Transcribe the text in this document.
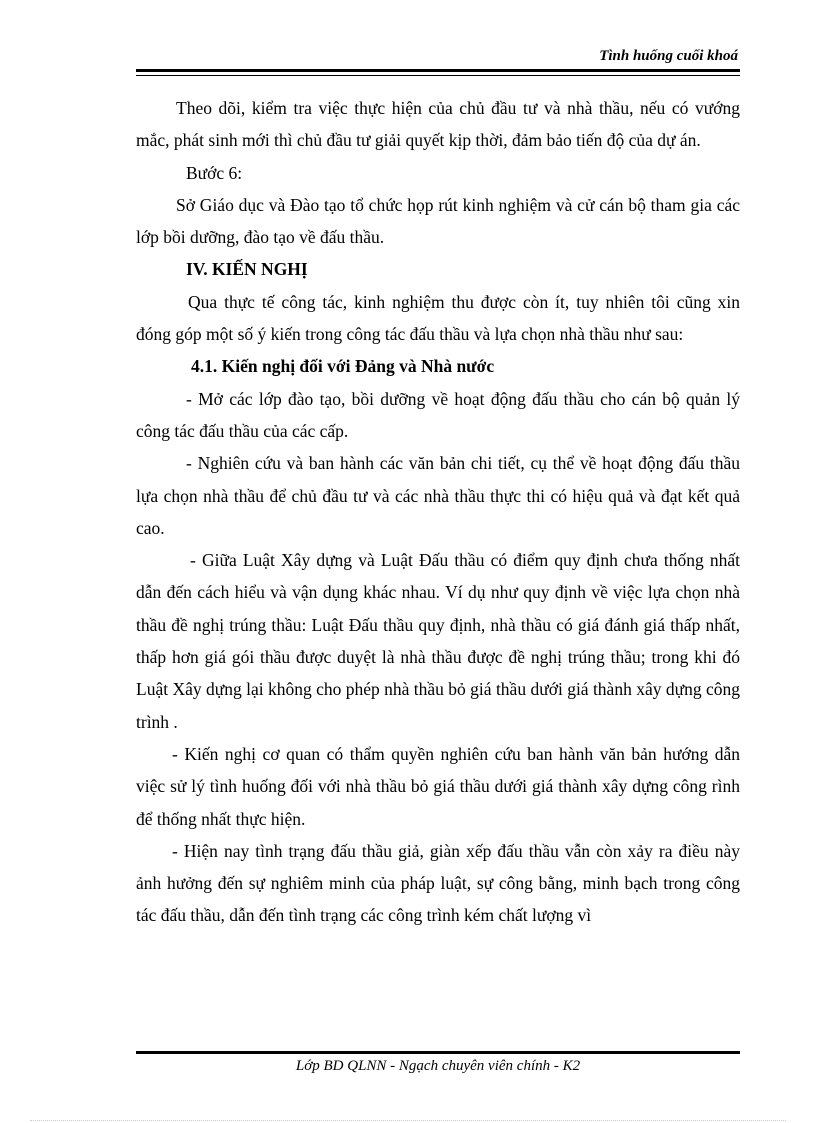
Tình huống cuối khoá

Theo dõi, kiểm tra việc thực hiện của chủ đầu tư và nhà thầu, nếu có vướng mắc, phát sinh mới thì chủ đầu tư giải quyết kịp thời, đảm bảo tiến độ của dự án.

Bước 6:

Sở Giáo dục và Đào tạo tổ chức họp rút kinh nghiệm và cử cán bộ tham gia các lớp bồi dưỡng, đào tạo về đấu thầu.

IV. KIẾN NGHỊ

Qua thực tế công tác, kinh nghiệm thu được còn ít, tuy nhiên tôi cũng xin đóng góp một số ý kiến trong công tác đấu thầu và lựa chọn nhà thầu như sau:

4.1. Kiến nghị đối với Đảng và Nhà nước

- Mở các lớp đào tạo, bồi dưỡng về hoạt động đấu thầu cho cán bộ quản lý công tác đấu thầu của các cấp.

- Nghiên cứu và ban hành các văn bản chi tiết, cụ thể về hoạt động đấu thầu lựa chọn nhà thầu để chủ đầu tư và các nhà thầu thực thi có hiệu quả và đạt kết quả cao.

- Giữa Luật Xây dựng và Luật Đấu thầu có điểm quy định chưa thống nhất dẫn đến cách hiểu và vận dụng khác nhau. Ví dụ như quy định về việc lựa chọn nhà thầu đề nghị trúng thầu: Luật Đấu thầu quy định, nhà thầu có giá đánh giá thấp nhất, thấp hơn giá gói thầu được duyệt là nhà thầu được đề nghị trúng thầu; trong khi đó Luật Xây dựng lại không cho phép nhà thầu bỏ giá thầu dưới giá thành xây dựng công trình .

- Kiến nghị cơ quan có thẩm quyền nghiên cứu ban hành văn bản hướng dẫn việc sử lý tình huống đối với nhà thầu bỏ giá thầu dưới giá thành xây dựng công rình để thống nhất thực hiện.

- Hiện nay tình trạng đấu thầu giả, giàn xếp đấu thầu vẫn còn xảy ra điều này ảnh hưởng đến sự nghiêm minh của pháp luật, sự công bằng, minh bạch trong công tác đấu thầu, dẫn đến tình trạng các công trình kém chất lượng vì

Lớp BD QLNN - Ngạch chuyên viên chính - K2
